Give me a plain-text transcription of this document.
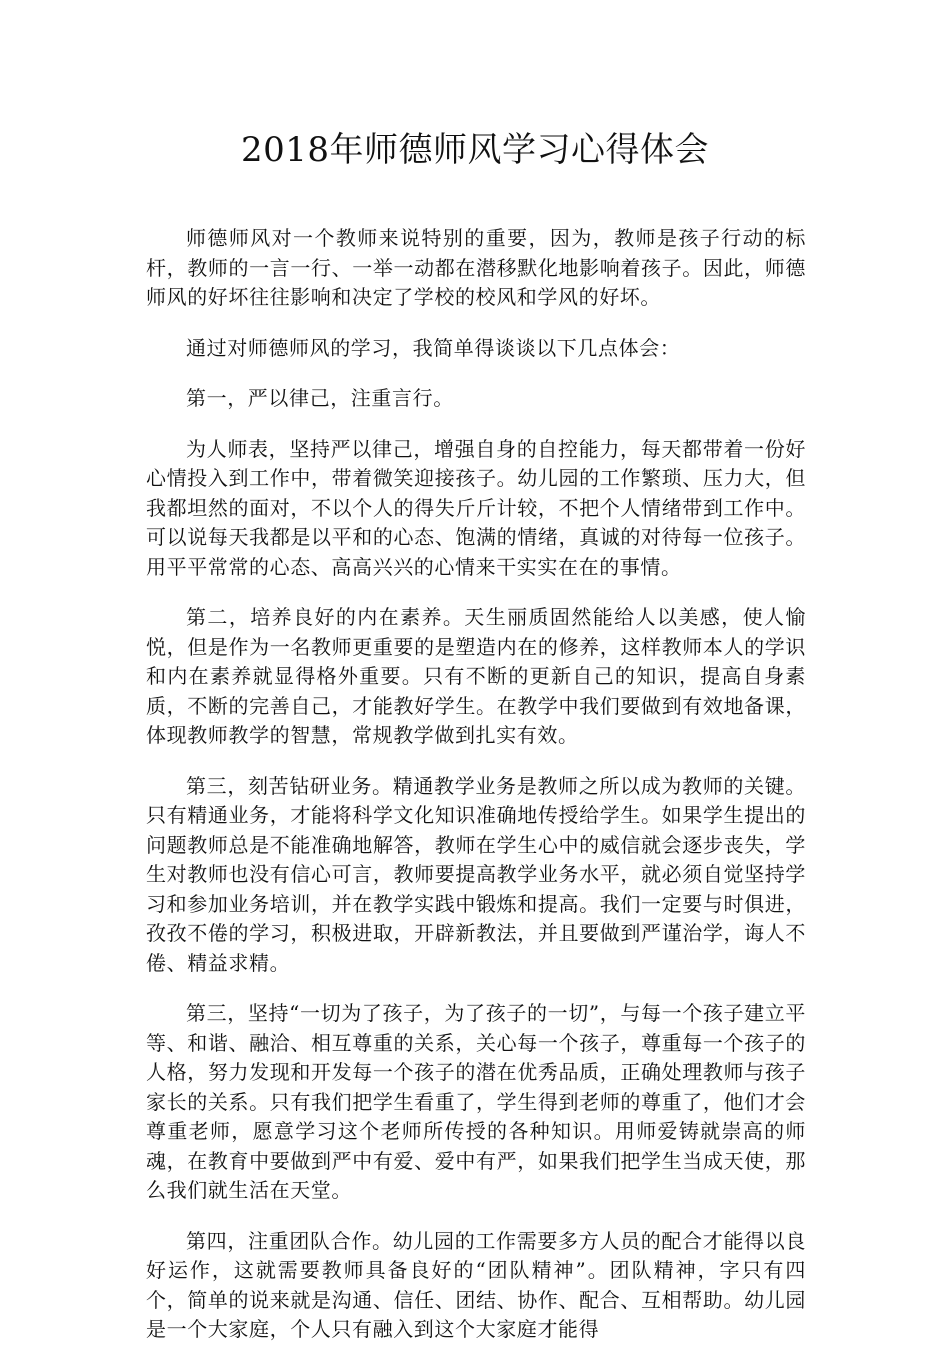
2018年师德师风学习心得体会

师德师风对一个教师来说特别的重要，因为，教师是孩子行动的标杆，教师的一言一行、一举一动都在潜移默化地影响着孩子。因此，师德师风的好坏往往影响和决定了学校的校风和学风的好坏。

通过对师德师风的学习，我简单得谈谈以下几点体会：

第一，严以律己，注重言行。

为人师表，坚持严以律己，增强自身的自控能力，每天都带着一份好心情投入到工作中，带着微笑迎接孩子。幼儿园的工作繁琐、压力大，但我都坦然的面对，不以个人的得失斤斤计较，不把个人情绪带到工作中。可以说每天我都是以平和的心态、饱满的情绪，真诚的对待每一位孩子。用平平常常的心态、高高兴兴的心情来干实实在在的事情。

第二，培养良好的内在素养。天生丽质固然能给人以美感，使人愉悦，但是作为一名教师更重要的是塑造内在的修养，这样教师本人的学识和内在素养就显得格外重要。只有不断的更新自己的知识，提高自身素质，不断的完善自己，才能教好学生。在教学中我们要做到有效地备课，体现教师教学的智慧，常规教学做到扎实有效。

第三，刻苦钻研业务。精通教学业务是教师之所以成为教师的关键。只有精通业务，才能将科学文化知识准确地传授给学生。如果学生提出的问题教师总是不能准确地解答，教师在学生心中的威信就会逐步丧失，学生对教师也没有信心可言，教师要提高教学业务水平，就必须自觉坚持学习和参加业务培训，并在教学实践中锻炼和提高。我们一定要与时俱进，孜孜不倦的学习，积极进取，开辟新教法，并且要做到严谨治学，诲人不倦、精益求精。

第三，坚持“一切为了孩子，为了孩子的一切”，与每一个孩子建立平等、和谐、融洽、相互尊重的关系，关心每一个孩子，尊重每一个孩子的人格，努力发现和开发每一个孩子的潜在优秀品质，正确处理教师与孩子家长的关系。只有我们把学生看重了，学生得到老师的尊重了，他们才会尊重老师，愿意学习这个老师所传授的各种知识。用师爱铸就崇高的师魂，在教育中要做到严中有爱、爱中有严，如果我们把学生当成天使，那么我们就生活在天堂。

第四，注重团队合作。幼儿园的工作需要多方人员的配合才能得以良好运作，这就需要教师具备良好的“团队精神”。团队精神，字只有四个，简单的说来就是沟通、信任、团结、协作、配合、互相帮助。幼儿园是一个大家庭，个人只有融入到这个大家庭才能得
